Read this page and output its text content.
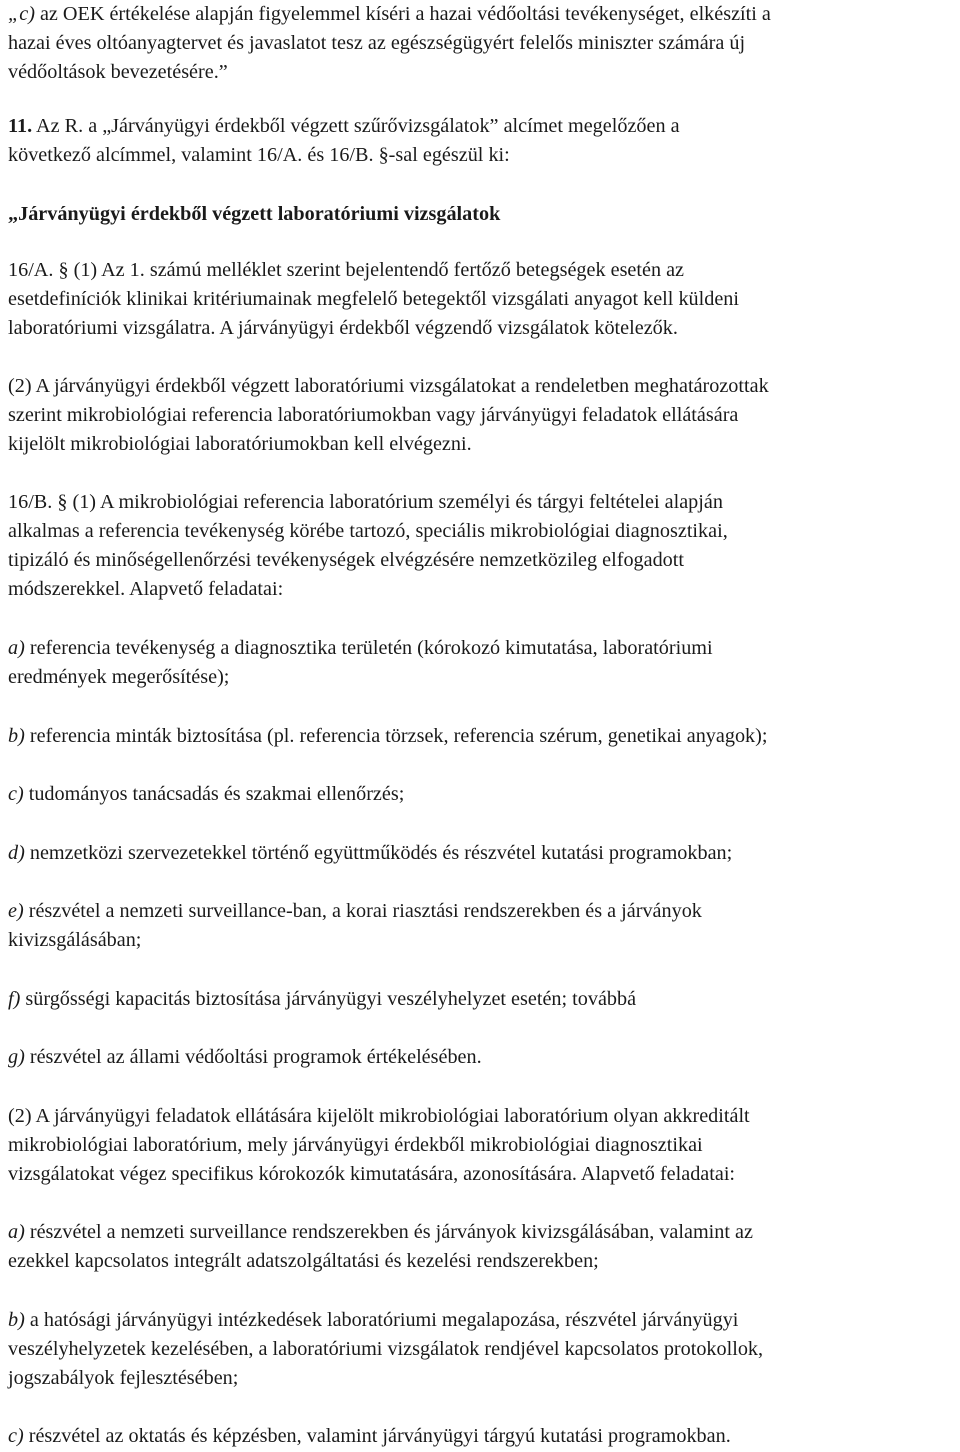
„c) az OEK értékelése alapján figyelemmel kíséri a hazai védőoltási tevékenységet, elkészíti a

hazai éves oltóanyagtervet és javaslatot tesz az egészségügyért felelős miniszter számára új

védőoltások bevezetésére.”

11. Az R. a „Járványügyi érdekből végzett szűrővizsgálatok” alcímet megelőzően a

következő alcímmel, valamint 16/A. és 16/B. §-sal egészül ki:

„Járványügyi érdekből végzett laboratóriumi vizsgálatok

16/A. § (1) Az 1. számú melléklet szerint bejelentendő fertőző betegségek esetén az

esetdefiníciók klinikai kritériumainak megfelelő betegektől vizsgálati anyagot kell küldeni

laboratóriumi vizsgálatra. A járványügyi érdekből végzendő vizsgálatok kötelezők.

(2) A járványügyi érdekből végzett laboratóriumi vizsgálatokat a rendeletben meghatározottak

szerint mikrobiológiai referencia laboratóriumokban vagy járványügyi feladatok ellátására

kijelölt mikrobiológiai laboratóriumokban kell elvégezni.

16/B. § (1) A mikrobiológiai referencia laboratórium személyi és tárgyi feltételei alapján

alkalmas a referencia tevékenység körébe tartozó, speciális mikrobiológiai diagnosztikai,

tipizáló és minőségellenőrzési tevékenységek elvégzésére nemzetközileg elfogadott

módszerekkel. Alapvető feladatai:

a) referencia tevékenység a diagnosztika területén (kórokozó kimutatása, laboratóriumi

eredmények megerősítése);

b) referencia minták biztosítása (pl. referencia törzsek, referencia szérum, genetikai anyagok);

c) tudományos tanácsadás és szakmai ellenőrzés;

d) nemzetközi szervezetekkel történő együttműködés és részvétel kutatási programokban;

e) részvétel a nemzeti surveillance-ban, a korai riasztási rendszerekben és a járványok

kivizsgálásában;

f) sürgősségi kapacitás biztosítása járványügyi veszélyhelyzet esetén; továbbá

g) részvétel az állami védőoltási programok értékelésében.

(2) A járványügyi feladatok ellátására kijelölt mikrobiológiai laboratórium olyan akkreditált

mikrobiológiai laboratórium, mely járványügyi érdekből mikrobiológiai diagnosztikai

vizsgálatokat végez specifikus kórokozók kimutatására, azonosítására. Alapvető feladatai:

a) részvétel a nemzeti surveillance rendszerekben és járványok kivizsgálásában, valamint az

ezekkel kapcsolatos integrált adatszolgáltatási és kezelési rendszerekben;

b) a hatósági járványügyi intézkedések laboratóriumi megalapozása, részvétel járványügyi

veszélyhelyzetek kezelésében, a laboratóriumi vizsgálatok rendjével kapcsolatos protokollok,

jogszabályok fejlesztésében;

c) részvétel az oktatás és képzésben, valamint járványügyi tárgyú kutatási programokban.
